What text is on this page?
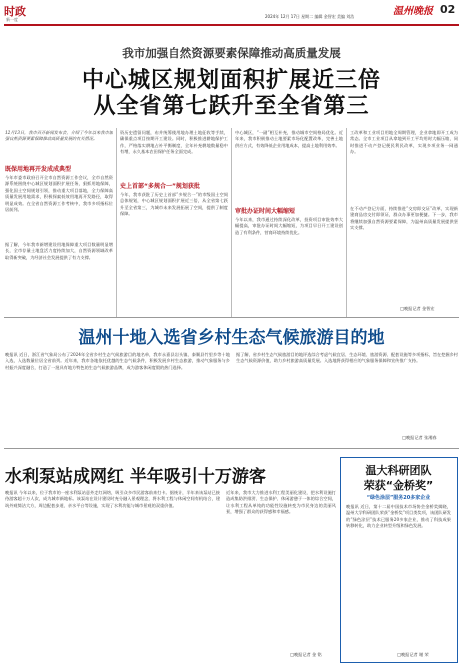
时政
新一度
2024年 12月 17日 星期二 编辑 金智宏 美编 刘浩	温州晚报 02
我市加强自然资源要素保障推动高质量发展
中心城区规划面积扩展近三倍
从全省第七跃升至全省第三
12月13日，我市召开新闻发布会，介绍了今年以来我市加强自然资源要素保障推动高质量发展的有关情况。
既保用地再开发成成典型
今年市委市政府召开全市自然资源工作会议，全市自然资源系统围绕中心城区规划面积扩展任务，狠抓用地保障，强化国土空间规划引领，推动重大项目落地，全力保障高质量发展用地需求，积极探索低效用地再开发路径，取得明显成效。在全省自然资源工作考核中，我市多项指标位居前列。
据了解，今年我市新增建设用地保障重大项目数量明显增长，全市存量土地盘活力度持续加大，自然资源领域改革取得新突破，为经济社会发展提供了有力支撑。
资历史遗留问题，布并统筹使用地办理土地征收等手续，确保重点项目按期开工建设。同时，积极推进耕地保护工作，严格落实耕地占补平衡制度，全年补充耕地数量稳中有增，永久基本农田保护任务全面完成。
史上首部“多规合一”规划获批
今年，我市获批了历史上首部“多规合一”的市级国土空间总体规划，中心城区规划面积扩展近三倍，从全省第七跃升至全省第三，为城市未来发展拓展了空间，提供了制度保障。
中心城区，“一副”相互补充，推动城市空间格局优化。近年来，我市积极推动土地要素市场化配置改革，完善土地供应方式，有效降低企业用地成本，提高土地利用效率。
审批办证时间大幅缩短
今年以来，我市通过持续深化改革，投资项目审批效率大幅提高，审批办证时间大幅缩短，为项目早日开工建设创造了有利条件，营商环境持续优化。
工改革和工业项目用地全周期管理，企业拿地即开工成为常态。全市工业项目从拿地到开工平均用时大幅压缩，同时推进不动产登记便民利民改革，实现多项业务一网通办。
在不动产登记方面，持续推进“交房即交证”改革，实现新建商品房交付即领证，群众办事更加便捷。下一步，我市将继续加强自然资源要素保障，为温州高质量发展提供坚实支撑。
□晚报记者 金智宏
温州十地入选省乡村生态气候旅游目的地
晚报讯 近日，浙江省气象局公布了2024年全省乡村生态气候旅游目的地名单，我市永嘉县岩头镇、泰顺县竹里乡等十地入选，入选数量位居全省前列。近年来，我市各地依托优越的生态气候条件，积极发展乡村生态旅游，推动气象服务与乡村振兴深度融合，打造了一批具有地方特色的生态气候旅游品牌，成为游客休闲度假的热门选择。
据了解，省乡村生态气候旅游目的地评选综合考虑气候宜居、生态环境、旅游资源、配套设施等多项指标，旨在挖掘乡村生态气候资源价值，助力乡村旅游高质量发展。入选地将获得相应的气象服务保障和宣传推广支持。
□晚报记者 张湘春
水利泵站成网红 半年吸引十万游客
晚报讯 今年以来，位于我市的一座水利泵站意外走红网络，吸引众多市民游客前来打卡。据统计，半年来该泵站已接待游客超十万人次，成为城市新地标。该泵站在设计建设时充分融入景观理念，将水利工程与休闲空间有机结合，建筑外观简洁大方，周边配套步道、亲水平台等设施，实现了水利功能与城市景观的双重价值。
近年来，我市大力推进水利工程美丽化建设，把水利设施打造成集防洪排涝、生态保护、休闲游憩于一体的综合空间，让水利工程从单纯的功能性设施转变为市民身边的美丽风景，增强了群众的获得感和幸福感。
□晚报记者 金 铭
温大科研团队
荣获“金桥奖”
“绿色涂层”服务20多家企业
晚报讯 近日，第十二届中国技术市场协会金桥奖揭晓，温州大学科研团队荣获“金桥奖”项目类奖项，该团队研发的“绿色涂层”技术已服务20多家企业，推动了科技成果转移转化，助力企业转型升级和绿色发展。
□晚报记者 谢 荣
